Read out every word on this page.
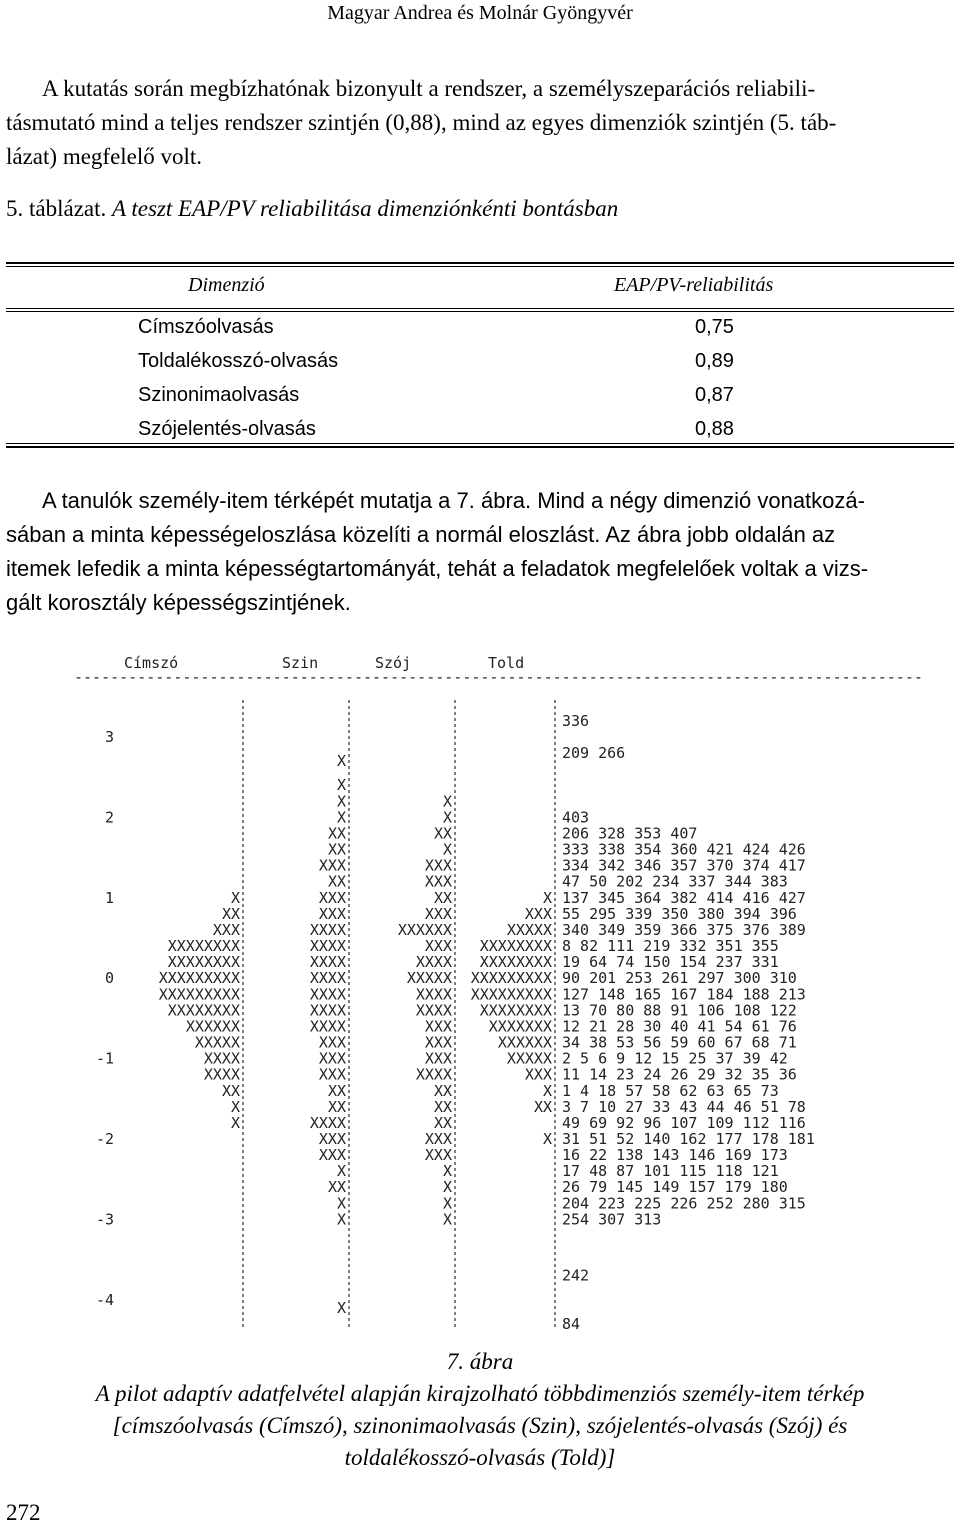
Magyar Andrea és Molnár Gyöngyvér
A kutatás során megbízhatónak bizonyult a rendszer, a személyszeparációs reliabili-
tásmutató mind a teljes rendszer szintjén (0,88), mind az egyes dimenziók szintjén (5. táb-
lázat) megfelelő volt.
5. táblázat. A teszt EAP/PV reliabilitása dimenziónkénti bontásban
Dimenzió	EAP/PV-reliabilitás
Címszóolvasás	0,75
Toldalékosszó-olvasás	0,89
Szinonimaolvasás	0,87
Szójelentés-olvasás	0,88
A tanulók személy-item térképét mutatja a 7. ábra. Mind a négy dimenzió vonatkozá-
sában a minta képességeloszlása közelíti a normál eloszlást. Az ábra jobb oldalán az
itemek lefedik a minta képességtartományát, tehát a feladatok megfelelőek voltak a vizs-
gált korosztály képességszintjének.
Címszó	Szin	Szój	Told
----------------------------------------------------------------------------------------------
3
2
1
0
-1
-2
-3
-4
X
X
X	X
X	X
XX	XX
XX	X
XXX	XXX
XX	XXX
X	XXX	XX	X
XX	XXX	XXX	XXX
XXX	XXXX	XXXXXX	XXXXX
XXXXXXXX	XXXX	XXX XXXXXXXX
XXXXXXXX	XXXX	XXXX XXXXXXXX
XXXXXXXXX	XXXX	XXXXX XXXXXXXXX
XXXXXXXXX	XXXX	XXXX XXXXXXXXX
XXXXXXXX	XXXX	XXXX XXXXXXXX
XXXXXX	XXXX	XXX XXXXXXX
XXXXX	XXX	XXX	XXXXXX
XXXX	XXX	XXX	XXXXX
XXXX	XXX	XXXX	XXX
XX	XX	XX	X
X	XX	XX	XX
X	XXXX	XX
XXX	XXX	X
XXX	XXX
X	X
XX	X
X	X
X	X
X
336
209 266
403
206 328 353 407
333 338 354 360 421 424 426
334 342 346 357 370 374 417
47 50 202 234 337 344 383
137 345 364 382 414 416 427
55 295 339 350 380 394 396
340 349 359 366 375 376 389
8 82 111 219 332 351 355
19 64 74 150 154 237 331
90 201 253 261 297 300 310
127 148 165 167 184 188 213
13 70 80 88 91 106 108 122
12 21 28 30 40 41 54 61 76
34 38 53 56 59 60 67 68 71
2 5 6 9 12 15 25 37 39 42
11 14 23 24 26 29 32 35 36
1 4 18 57 58 62 63 65 73
3 7 10 27 33 43 44 46 51 78
49 69 92 96 107 109 112 116
31 51 52 140 162 177 178 181
16 22 138 143 146 169 173
17 48 87 101 115 118 121
26 79 145 149 157 179 180
204 223 225 226 252 280 315
254 307 313
242
84
7. ábra
A pilot adaptív adatfelvétel alapján kirajzolható többdimenziós személy-item térkép
[címszóolvasás (Címszó), szinonimaolvasás (Szin), szójelentés-olvasás (Szój) és
toldalékosszó-olvasás (Told)]
272
